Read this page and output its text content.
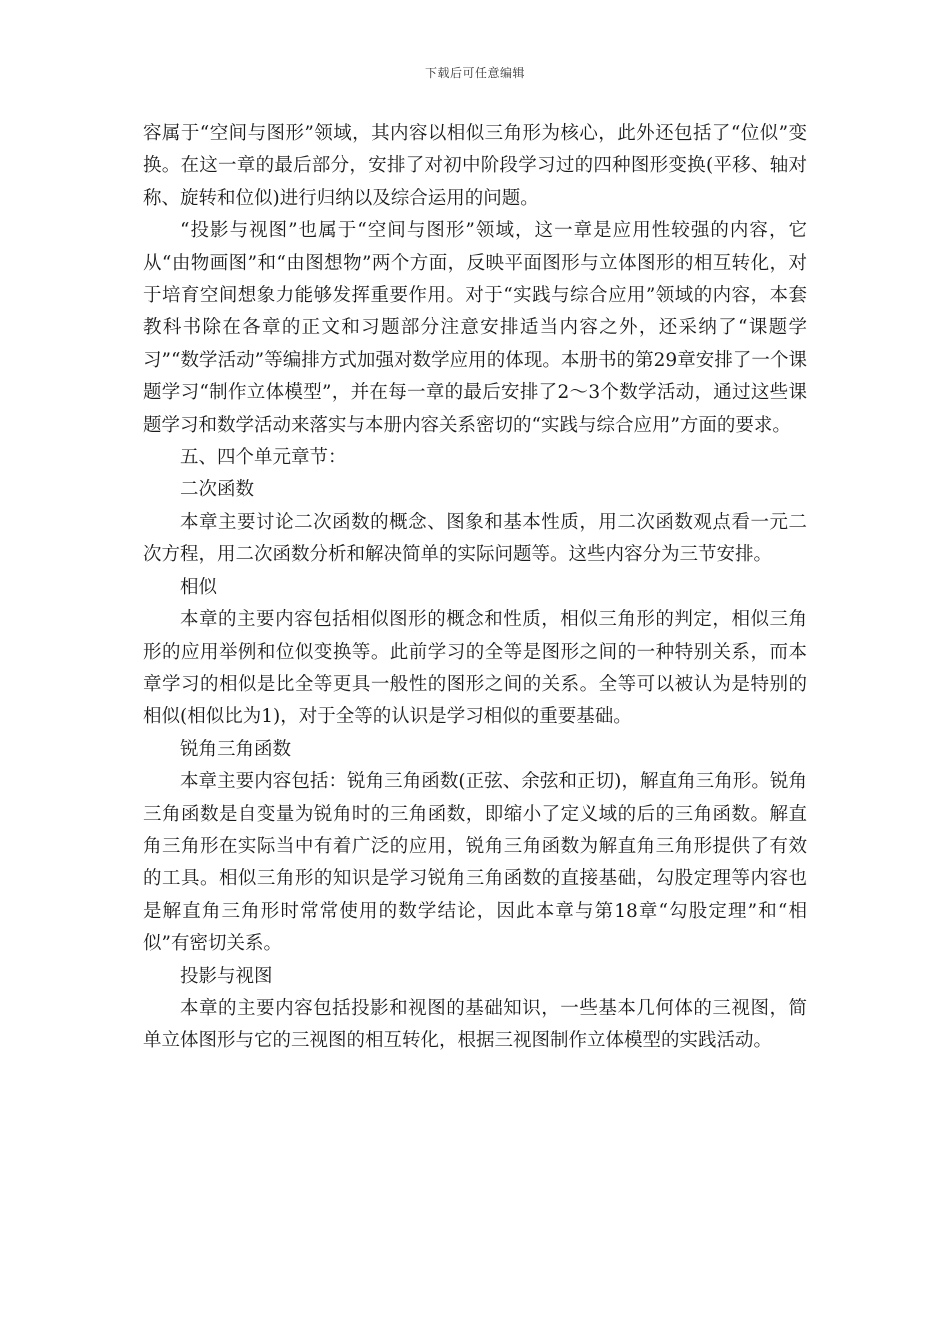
下载后可任意编辑

容属于“空间与图形”领域，其内容以相似三角形为核心，此外还包括了“位似”变换。在这一章的最后部分，安排了对初中阶段学习过的四种图形变换(平移、轴对称、旋转和位似)进行归纳以及综合运用的问题。

“投影与视图”也属于“空间与图形”领域，这一章是应用性较强的内容，它从“由物画图”和“由图想物”两个方面，反映平面图形与立体图形的相互转化，对于培育空间想象力能够发挥重要作用。对于“实践与综合应用”领域的内容，本套教科书除在各章的正文和习题部分注意安排适当内容之外，还采纳了“课题学习”“数学活动”等编排方式加强对数学应用的体现。本册书的第29章安排了一个课题学习“制作立体模型”，并在每一章的最后安排了2～3个数学活动，通过这些课题学习和数学活动来落实与本册内容关系密切的“实践与综合应用”方面的要求。

五、四个单元章节：

二次函数

本章主要讨论二次函数的概念、图象和基本性质，用二次函数观点看一元二次方程，用二次函数分析和解决简单的实际问题等。这些内容分为三节安排。

相似

本章的主要内容包括相似图形的概念和性质，相似三角形的判定，相似三角形的应用举例和位似变换等。此前学习的全等是图形之间的一种特别关系，而本章学习的相似是比全等更具一般性的图形之间的关系。全等可以被认为是特别的相似(相似比为1)，对于全等的认识是学习相似的重要基础。

锐角三角函数

本章主要内容包括：锐角三角函数(正弦、余弦和正切)，解直角三角形。锐角三角函数是自变量为锐角时的三角函数，即缩小了定义域的后的三角函数。解直角三角形在实际当中有着广泛的应用，锐角三角函数为解直角三角形提供了有效的工具。相似三角形的知识是学习锐角三角函数的直接基础，勾股定理等内容也是解直角三角形时常常使用的数学结论，因此本章与第18章“勾股定理”和“相似”有密切关系。

投影与视图

本章的主要内容包括投影和视图的基础知识，一些基本几何体的三视图，简单立体图形与它的三视图的相互转化，根据三视图制作立体模型的实践活动。
